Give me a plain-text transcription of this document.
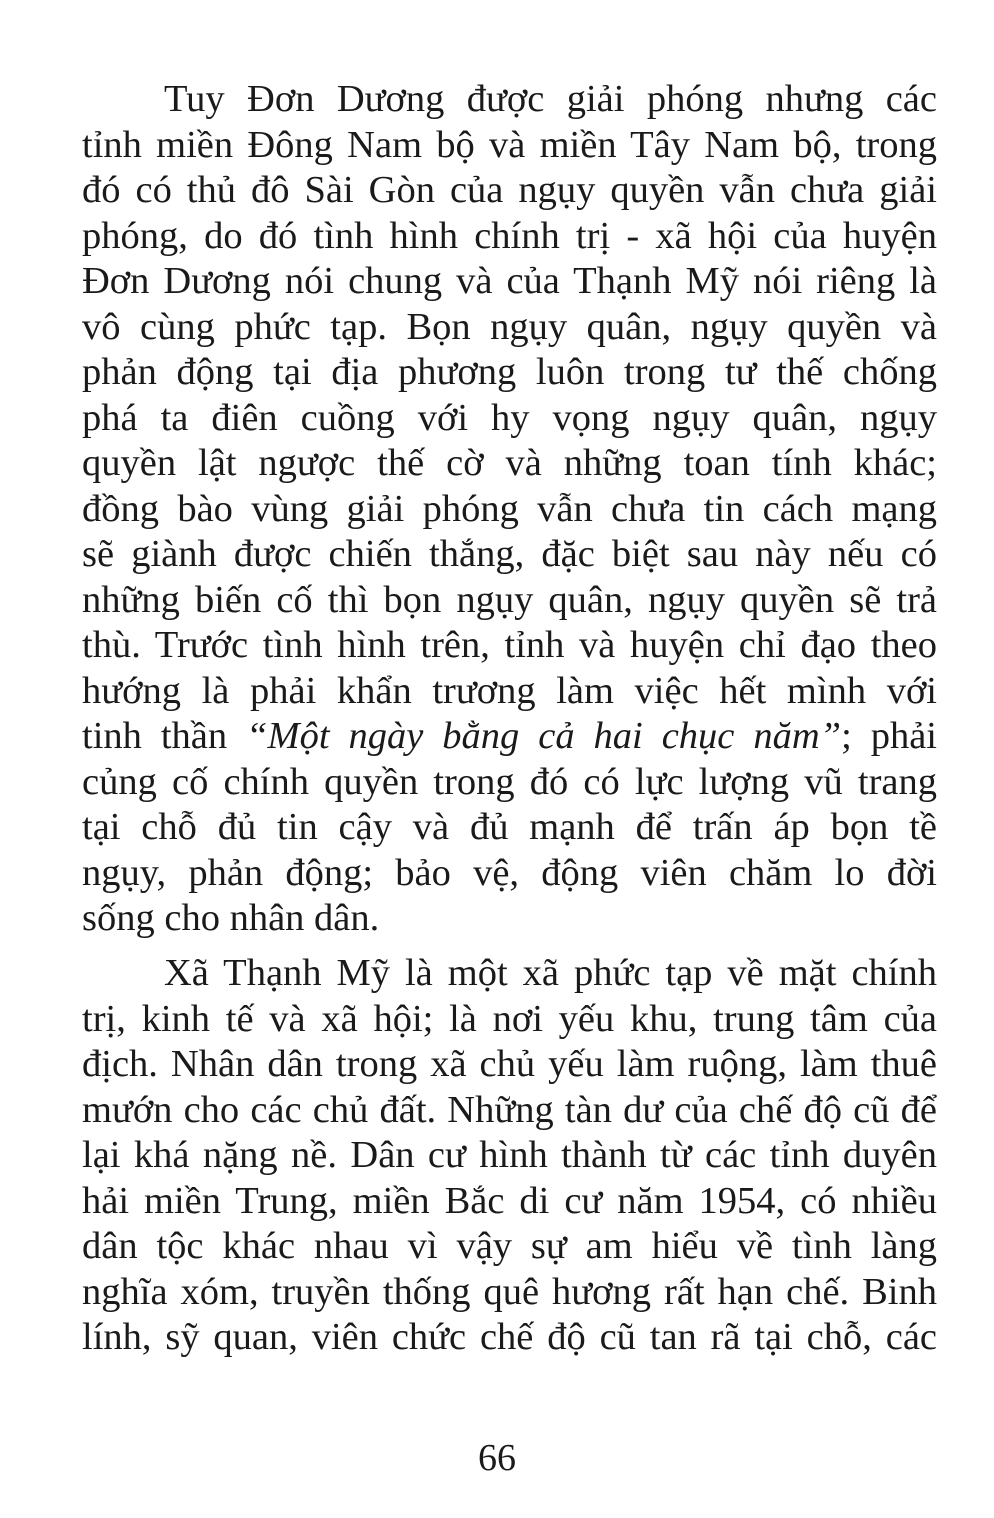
Tuy Đơn Dương được giải phóng nhưng các
tỉnh miền Đông Nam bộ và miền Tây Nam bộ, trong
đó có thủ đô Sài Gòn của ngụy quyền vẫn chưa giải
phóng, do đó tình hình chính trị - xã hội của huyện
Đơn Dương nói chung và của Thạnh Mỹ nói riêng là
vô cùng phức tạp. Bọn ngụy quân, ngụy quyền và
phản động tại địa phương luôn trong tư thế chống
phá ta điên cuồng với hy vọng ngụy quân, ngụy
quyền lật ngược thế cờ và những toan tính khác;
đồng bào vùng giải phóng vẫn chưa tin cách mạng
sẽ giành được chiến thắng, đặc biệt sau này nếu có
những biến cố thì bọn ngụy quân, ngụy quyền sẽ trả
thù. Trước tình hình trên, tỉnh và huyện chỉ đạo theo
hướng là phải khẩn trương làm việc hết mình với
tinh thần “Một ngày bằng cả hai chục năm”; phải
củng cố chính quyền trong đó có lực lượng vũ trang
tại chỗ đủ tin cậy và đủ mạnh để trấn áp bọn tề
ngụy, phản động; bảo vệ, động viên chăm lo đời
sống cho nhân dân.
Xã Thạnh Mỹ là một xã phức tạp về mặt chính
trị, kinh tế và xã hội; là nơi yếu khu, trung tâm của
địch. Nhân dân trong xã chủ yếu làm ruộng, làm thuê
mướn cho các chủ đất. Những tàn dư của chế độ cũ để
lại khá nặng nề. Dân cư hình thành từ các tỉnh duyên
hải miền Trung, miền Bắc di cư năm 1954, có nhiều
dân tộc khác nhau vì vậy sự am hiểu về tình làng
nghĩa xóm, truyền thống quê hương rất hạn chế. Binh
lính, sỹ quan, viên chức chế độ cũ tan rã tại chỗ, các
66
